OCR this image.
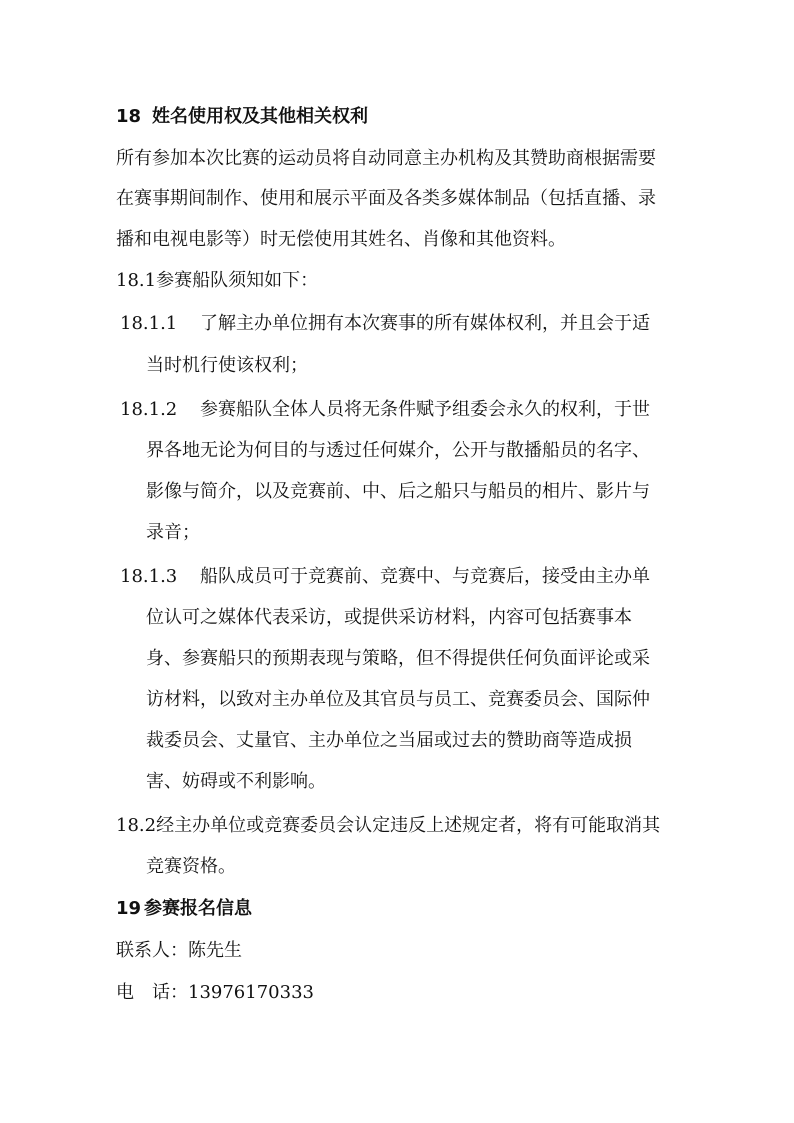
18 姓名使用权及其他相关权利
所有参加本次比赛的运动员将自动同意主办机构及其赞助商根据需要
在赛事期间制作、使用和展示平面及各类多媒体制品（包括直播、录
播和电视电影等）时无偿使用其姓名、肖像和其他资料。
18.1参赛船队须知如下：
18.1.1 了解主办单位拥有本次赛事的所有媒体权利，并且会于适
当时机行使该权利；
18.1.2 参赛船队全体人员将无条件赋予组委会永久的权利，于世
界各地无论为何目的与透过任何媒介，公开与散播船员的名字、
影像与简介，以及竞赛前、中、后之船只与船员的相片、影片与
录音；
18.1.3 船队成员可于竞赛前、竞赛中、与竞赛后，接受由主办单
位认可之媒体代表采访，或提供采访材料，内容可包括赛事本
身、参赛船只的预期表现与策略，但不得提供任何负面评论或采
访材料，以致对主办单位及其官员与员工、竞赛委员会、国际仲
裁委员会、丈量官、主办单位之当届或过去的赞助商等造成损
害、妨碍或不利影响。
18.2经主办单位或竞赛委员会认定违反上述规定者，将有可能取消其
竞赛资格。
19 参赛报名信息
联系人： 陈先生
电　话： 13976170333
